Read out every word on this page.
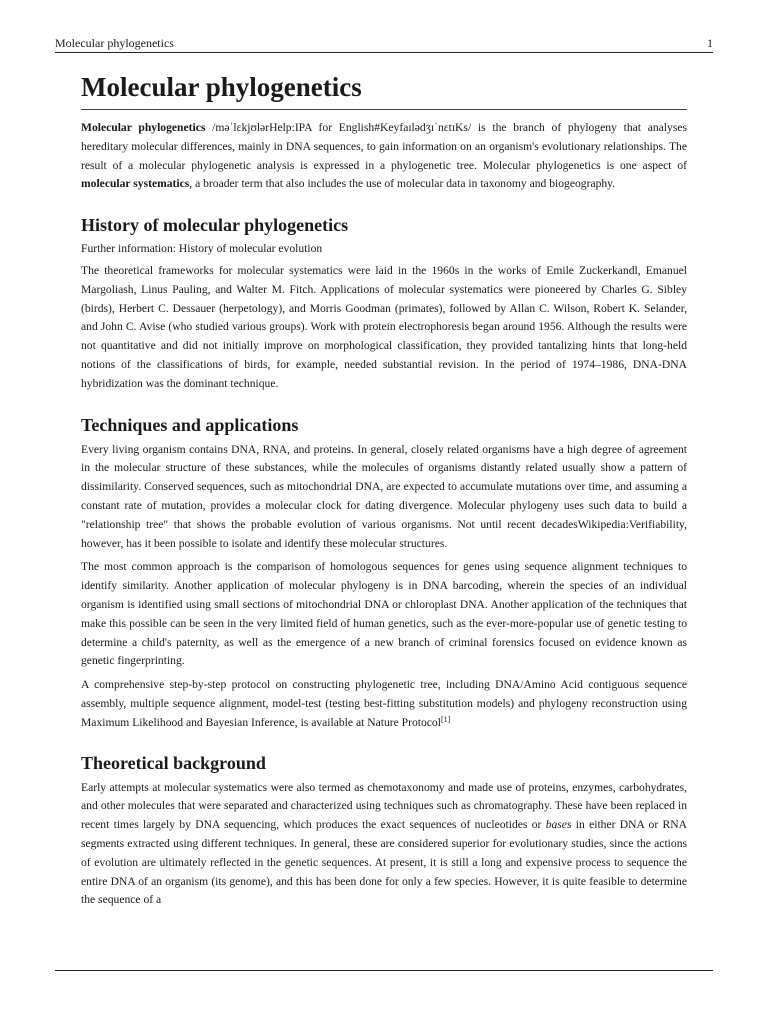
Molecular phylogenetics	1
Molecular phylogenetics

Molecular phylogenetics /məˈlɛkjʊlərHelp:IPA for English#KeyfaɪlədʒɪˈnɛtɪKs/ is the branch of phylogeny that analyses hereditary molecular differences, mainly in DNA sequences, to gain information on an organism's evolutionary relationships. The result of a molecular phylogenetic analysis is expressed in a phylogenetic tree. Molecular phylogenetics is one aspect of molecular systematics, a broader term that also includes the use of molecular data in taxonomy and biogeography.

History of molecular phylogenetics

Further information: History of molecular evolution

The theoretical frameworks for molecular systematics were laid in the 1960s in the works of Emile Zuckerkandl, Emanuel Margoliash, Linus Pauling, and Walter M. Fitch. Applications of molecular systematics were pioneered by Charles G. Sibley (birds), Herbert C. Dessauer (herpetology), and Morris Goodman (primates), followed by Allan C. Wilson, Robert K. Selander, and John C. Avise (who studied various groups). Work with protein electrophoresis began around 1956. Although the results were not quantitative and did not initially improve on morphological classification, they provided tantalizing hints that long-held notions of the classifications of birds, for example, needed substantial revision. In the period of 1974–1986, DNA-DNA hybridization was the dominant technique.

Techniques and applications

Every living organism contains DNA, RNA, and proteins. In general, closely related organisms have a high degree of agreement in the molecular structure of these substances, while the molecules of organisms distantly related usually show a pattern of dissimilarity. Conserved sequences, such as mitochondrial DNA, are expected to accumulate mutations over time, and assuming a constant rate of mutation, provides a molecular clock for dating divergence. Molecular phylogeny uses such data to build a "relationship tree" that shows the probable evolution of various organisms. Not until recent decadesWikipedia:Verifiability, however, has it been possible to isolate and identify these molecular structures.

The most common approach is the comparison of homologous sequences for genes using sequence alignment techniques to identify similarity. Another application of molecular phylogeny is in DNA barcoding, wherein the species of an individual organism is identified using small sections of mitochondrial DNA or chloroplast DNA. Another application of the techniques that make this possible can be seen in the very limited field of human genetics, such as the ever-more-popular use of genetic testing to determine a child's paternity, as well as the emergence of a new branch of criminal forensics focused on evidence known as genetic fingerprinting.

A comprehensive step-by-step protocol on constructing phylogenetic tree, including DNA/Amino Acid contiguous sequence assembly, multiple sequence alignment, model-test (testing best-fitting substitution models) and phylogeny reconstruction using Maximum Likelihood and Bayesian Inference, is available at Nature Protocol[1]

Theoretical background

Early attempts at molecular systematics were also termed as chemotaxonomy and made use of proteins, enzymes, carbohydrates, and other molecules that were separated and characterized using techniques such as chromatography. These have been replaced in recent times largely by DNA sequencing, which produces the exact sequences of nucleotides or bases in either DNA or RNA segments extracted using different techniques. In general, these are considered superior for evolutionary studies, since the actions of evolution are ultimately reflected in the genetic sequences. At present, it is still a long and expensive process to sequence the entire DNA of an organism (its genome), and this has been done for only a few species. However, it is quite feasible to determine the sequence of a
